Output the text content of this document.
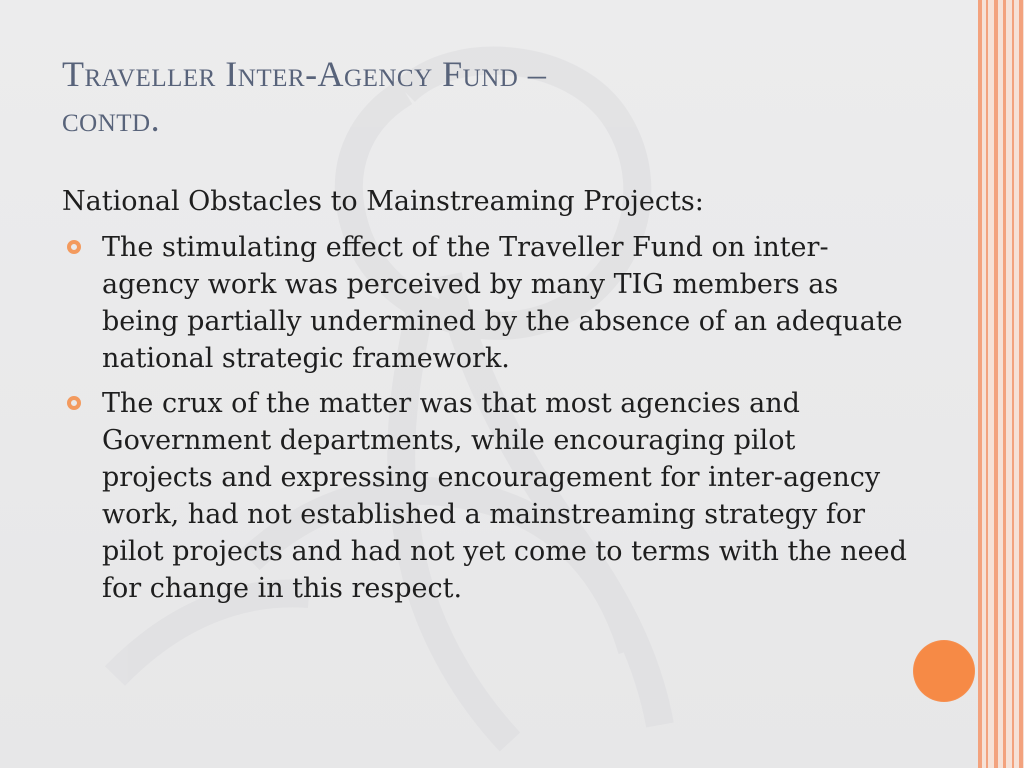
Traveller Inter-Agency Fund –
contd.

National Obstacles to Mainstreaming Projects:

The stimulating effect of the Traveller Fund on inter-agency work was perceived by many TIG members as being partially undermined by the absence of an adequate national strategic framework.
The crux of the matter was that most agencies and Government departments, while encouraging pilot projects and expressing encouragement for inter-agency work, had not established a mainstreaming strategy for pilot projects and had not yet come to terms with the need for change in this respect.
